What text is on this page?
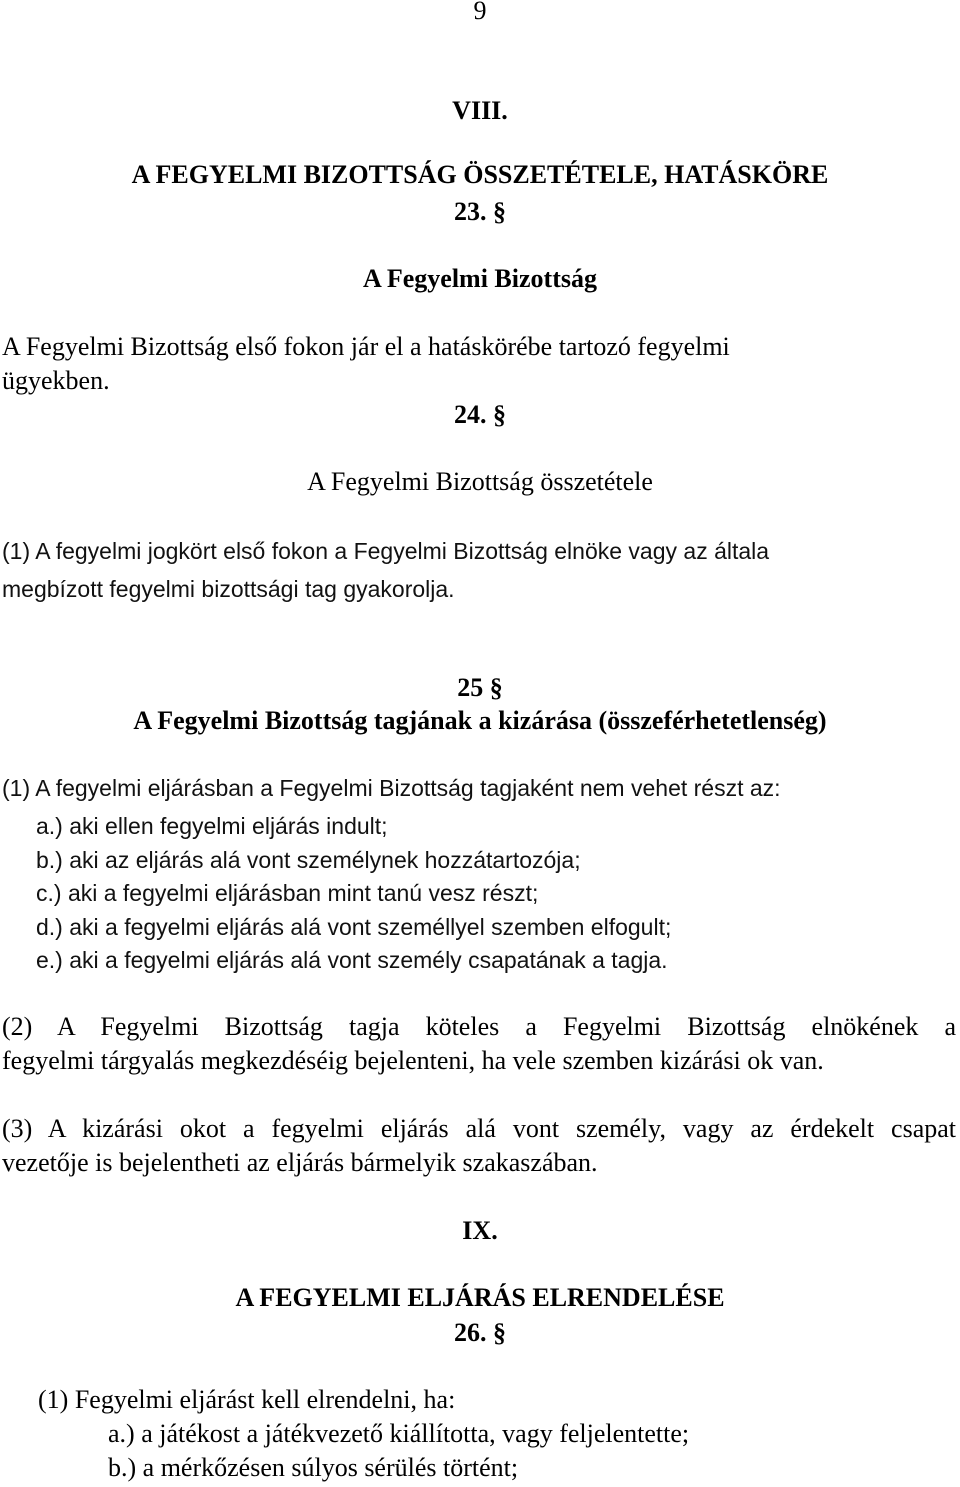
9
VIII.
A FEGYELMI BIZOTTSÁG ÖSSZETÉTELE, HATÁSKÖRE
23. §
A Fegyelmi Bizottság
A Fegyelmi Bizottság első fokon jár el a hatáskörébe tartozó fegyelmi
ügyekben.
24. §
A Fegyelmi Bizottság összetétele
(1) A fegyelmi jogkört első fokon a Fegyelmi Bizottság elnöke vagy az általa
megbízott fegyelmi bizottsági tag gyakorolja.
25 §
A Fegyelmi Bizottság tagjának a kizárása (összeférhetetlenség)
(1) A fegyelmi eljárásban a Fegyelmi Bizottság tagjaként nem vehet részt az:
a.) aki ellen fegyelmi eljárás indult;
b.) aki az eljárás alá vont személynek hozzátartozója;
c.) aki a fegyelmi eljárásban mint tanú vesz részt;
d.) aki a fegyelmi eljárás alá vont személlyel szemben elfogult;
e.) aki a fegyelmi eljárás alá vont személy csapatának a tagja.
(2) A Fegyelmi Bizottság tagja köteles a Fegyelmi Bizottság elnökének a
fegyelmi tárgyalás megkezdéséig bejelenteni, ha vele szemben kizárási ok van.
(3) A kizárási okot a fegyelmi eljárás alá vont személy, vagy az érdekelt csapat
vezetője is bejelentheti az eljárás bármelyik szakaszában.
IX.
A FEGYELMI ELJÁRÁS ELRENDELÉSE
26. §
(1) Fegyelmi eljárást kell elrendelni, ha:
a.) a játékost a játékvezető kiállította, vagy feljelentette;
b.) a mérkőzésen súlyos sérülés történt;
